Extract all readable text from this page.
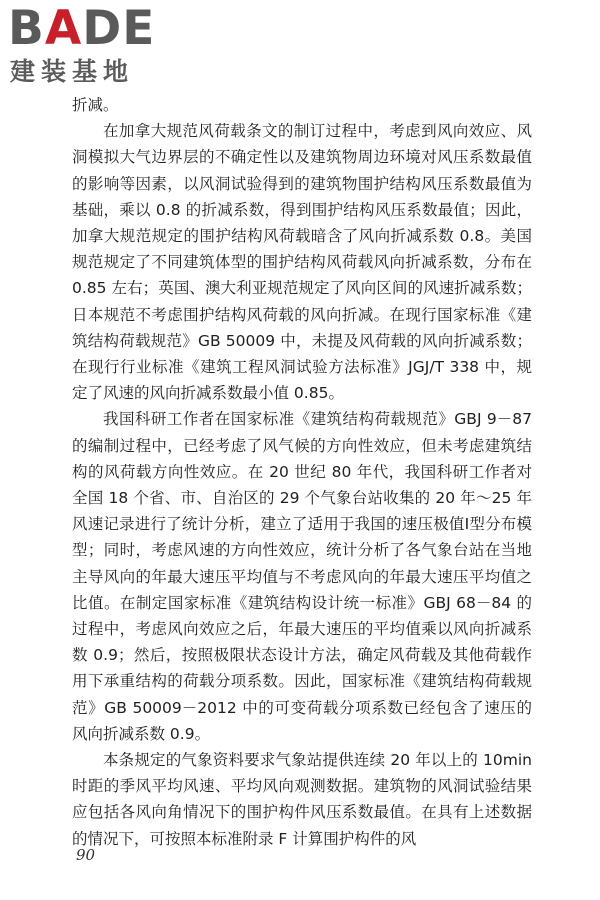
BADE
建装基地

折减。

在加拿大规范风荷载条文的制订过程中，考虑到风向效应、风洞模拟大气边界层的不确定性以及建筑物周边环境对风压系数最值的影响等因素，以风洞试验得到的建筑物围护结构风压系数最值为基础，乘以 0.8 的折减系数，得到围护结构风压系数最值；因此，加拿大规范规定的围护结构风荷载暗含了风向折减系数 0.8。美国规范规定了不同建筑体型的围护结构风荷载风向折减系数，分布在 0.85 左右；英国、澳大利亚规范规定了风向区间的风速折减系数；日本规范不考虑围护结构风荷载的风向折减。在现行国家标准《建筑结构荷载规范》GB 50009 中，未提及风荷载的风向折减系数；在现行行业标准《建筑工程风洞试验方法标准》JGJ/T 338 中，规定了风速的风向折减系数最小值 0.85。

我国科研工作者在国家标准《建筑结构荷载规范》GBJ 9－87 的编制过程中，已经考虑了风气候的方向性效应，但未考虑建筑结构的风荷载方向性效应。在 20 世纪 80 年代，我国科研工作者对全国 18 个省、市、自治区的 29 个气象台站收集的 20 年～25 年风速记录进行了统计分析，建立了适用于我国的速压极值Ⅰ型分布模型；同时，考虑风速的方向性效应，统计分析了各气象台站在当地主导风向的年最大速压平均值与不考虑风向的年最大速压平均值之比值。在制定国家标准《建筑结构设计统一标准》GBJ 68－84 的过程中，考虑风向效应之后，年最大速压的平均值乘以风向折减系数 0.9；然后，按照极限状态设计方法，确定风荷载及其他荷载作用下承重结构的荷载分项系数。因此，国家标准《建筑结构荷载规范》GB 50009－2012 中的可变荷载分项系数已经包含了速压的风向折减系数 0.9。

本条规定的气象资料要求气象站提供连续 20 年以上的 10min 时距的季风平均风速、平均风向观测数据。建筑物的风洞试验结果应包括各风向角情况下的围护构件风压系数最值。在具有上述数据的情况下，可按照本标准附录 F 计算围护构件的风

90
